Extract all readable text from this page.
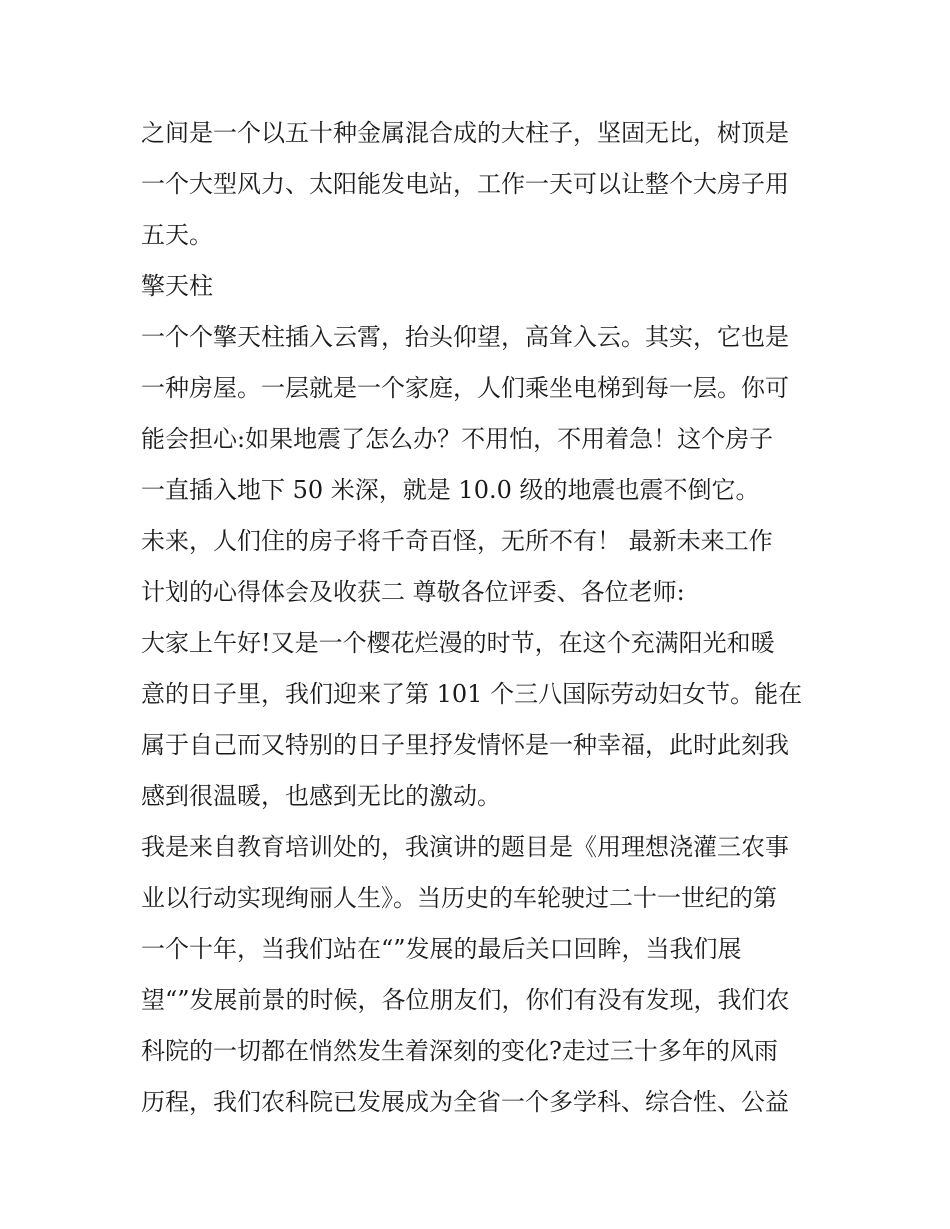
之间是一个以五十种金属混合成的大柱子，坚固无比，树顶是
一个大型风力、太阳能发电站，工作一天可以让整个大房子用
五天。
擎天柱
一个个擎天柱插入云霄，抬头仰望，高耸入云。其实，它也是
一种房屋。一层就是一个家庭，人们乘坐电梯到每一层。你可
能会担心:如果地震了怎么办？不用怕，不用着急！这个房子
一直插入地下 50 米深，就是 10.0 级的地震也震不倒它。
未来，人们住的房子将千奇百怪，无所不有！ 最新未来工作
计划的心得体会及收获二 尊敬各位评委、各位老师:
大家上午好!又是一个樱花烂漫的时节，在这个充满阳光和暖
意的日子里，我们迎来了第 101 个三八国际劳动妇女节。能在
属于自己而又特别的日子里抒发情怀是一种幸福，此时此刻我
感到很温暖，也感到无比的激动。
我是来自教育培训处的，我演讲的题目是《用理想浇灌三农事
业以行动实现绚丽人生》。当历史的车轮驶过二十一世纪的第
一个十年，当我们站在“”发展的最后关口回眸，当我们展
望“”发展前景的时候，各位朋友们，你们有没有发现，我们农
科院的一切都在悄然发生着深刻的变化?走过三十多年的风雨
历程，我们农科院已发展成为全省一个多学科、综合性、公益
